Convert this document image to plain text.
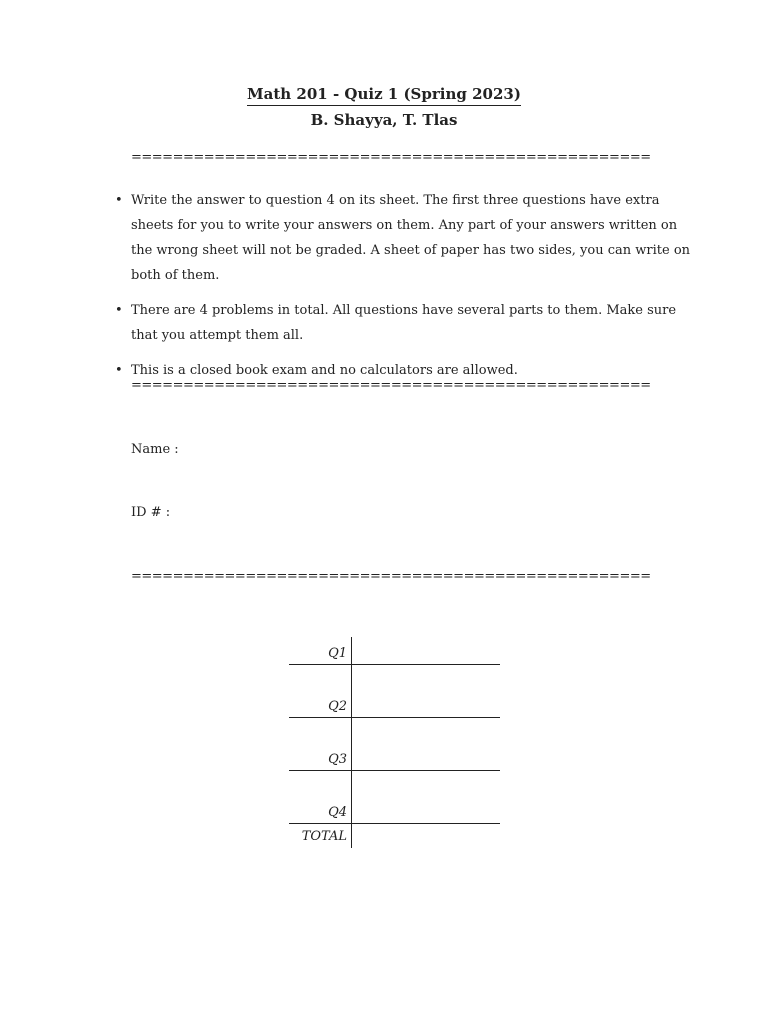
Math 201 - Quiz 1 (Spring 2023)
B. Shayya, T. Tlas
==================================================
• Write the answer to question 4 on its sheet. The first three questions have extra sheets for you to write your answers on them. Any part of your answers written on the wrong sheet will not be graded. A sheet of paper has two sides, you can write on both of them.
• There are 4 problems in total. All questions have several parts to them. Make sure that you attempt them all.
• This is a closed book exam and no calculators are allowed.
==================================================
Name :
ID # :
==================================================
Q1	
Q2	
Q3	
Q4	
TOTAL	
